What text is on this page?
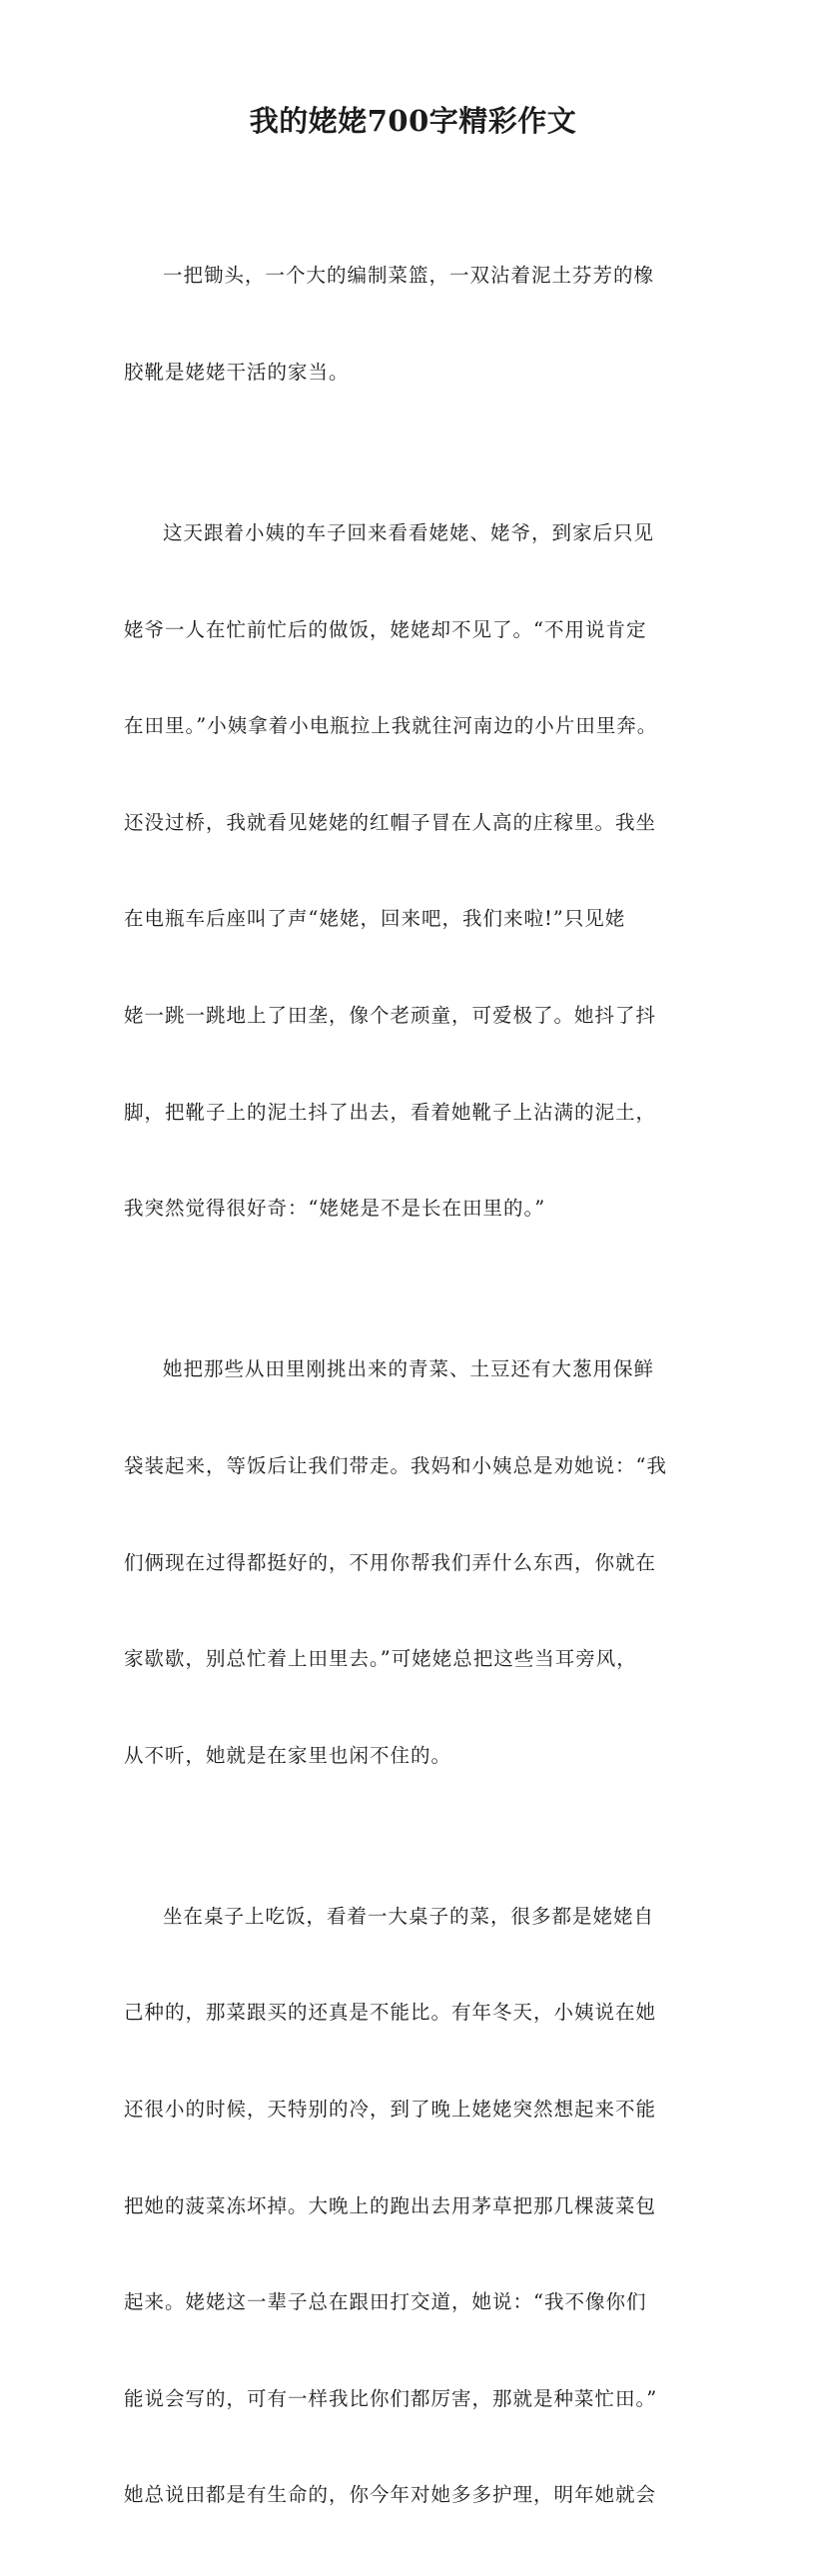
我的姥姥700字精彩作文

一把锄头，一个大的编制菜篮，一双沾着泥土芬芳的橡

胶靴是姥姥干活的家当。

这天跟着小姨的车子回来看看姥姥、姥爷，到家后只见

姥爷一人在忙前忙后的做饭，姥姥却不见了。“不用说肯定

在田里。”小姨拿着小电瓶拉上我就往河南边的小片田里奔。

还没过桥，我就看见姥姥的红帽子冒在人高的庄稼里。我坐

在电瓶车后座叫了声“姥姥，回来吧，我们来啦!”只见姥

姥一跳一跳地上了田垄，像个老顽童，可爱极了。她抖了抖

脚，把靴子上的泥土抖了出去，看着她靴子上沾满的泥土，

我突然觉得很好奇：“姥姥是不是长在田里的。”

她把那些从田里刚挑出来的青菜、土豆还有大葱用保鲜

袋装起来，等饭后让我们带走。我妈和小姨总是劝她说：“我

们俩现在过得都挺好的，不用你帮我们弄什么东西，你就在

家歇歇，别总忙着上田里去。”可姥姥总把这些当耳旁风，

从不听，她就是在家里也闲不住的。

坐在桌子上吃饭，看着一大桌子的菜，很多都是姥姥自

己种的，那菜跟买的还真是不能比。有年冬天，小姨说在她

还很小的时候，天特别的冷，到了晚上姥姥突然想起来不能

把她的菠菜冻坏掉。大晚上的跑出去用茅草把那几棵菠菜包

起来。姥姥这一辈子总在跟田打交道，她说：“我不像你们

能说会写的，可有一样我比你们都厉害，那就是种菜忙田。”

她总说田都是有生命的，你今年对她多多护理，明年她就会
